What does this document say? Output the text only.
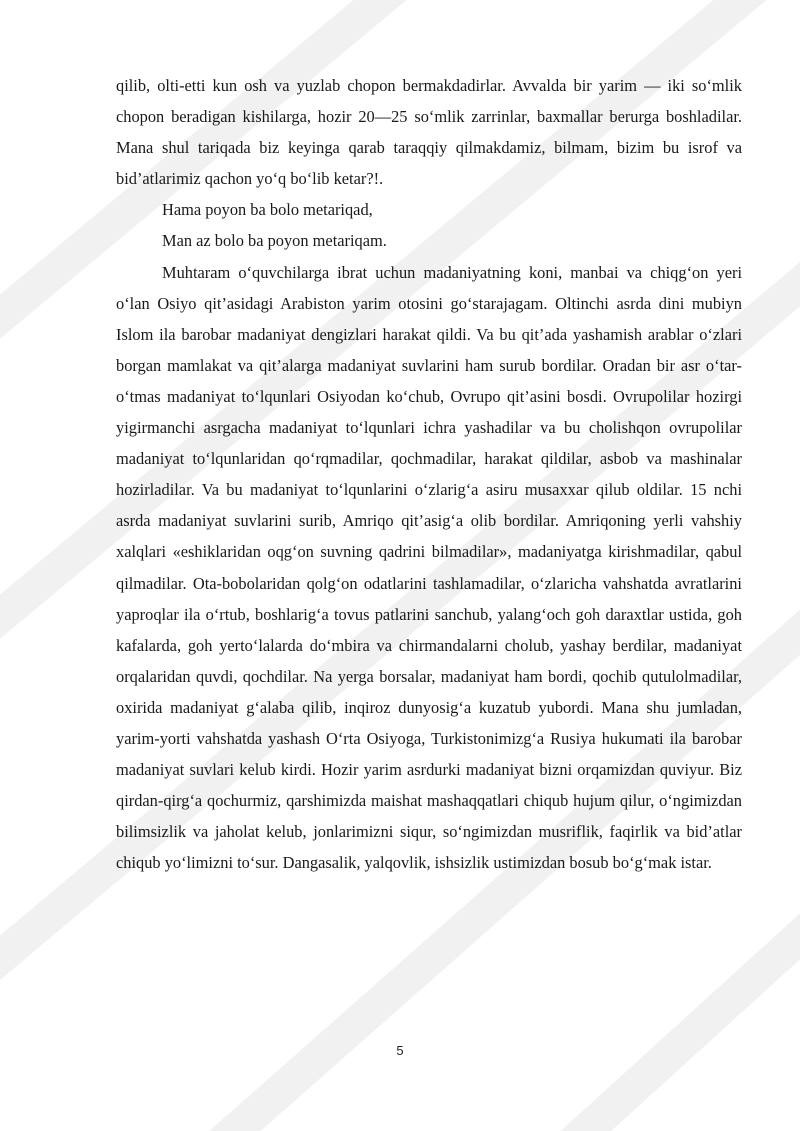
qilib, olti-etti kun osh va yuzlab chopon bermakdadirlar. Avvalda bir yarim — iki so‘mlik chopon beradigan kishilarga, hozir 20—25 so‘mlik zarrinlar, baxmallar berurga boshladilar. Mana shul tariqada biz keyinga qarab taraqqiy qilmakdamiz, bilmam, bizim bu isrof va bid’atlarimiz qachon yo‘q bo‘lib ketar?!.

Hama poyon ba bolo metariqad,

Man az bolo ba poyon metariqam.

Muhtaram o‘quvchilarga ibrat uchun madaniyatning koni, manbai va chiqg‘on yeri o‘lan Osiyo qit’asidagi Arabiston yarim otosini go‘starajagam. Oltinchi asrda dini mubiyn Islom ila barobar madaniyat dengizlari harakat qildi. Va bu qit’ada yashamish arablar o‘zlari borgan mamlakat va qit’alarga madaniyat suvlarini ham surub bordilar. Oradan bir asr o‘tar-o‘tmas madaniyat to‘lqunlari Osiyodan ko‘chub, Ovrupo qit’asini bosdi. Ovrupolilar hozirgi yigirmanchi asrgacha madaniyat to‘lqunlari ichra yashadilar va bu cholishqon ovrupolilar madaniyat to‘lqunlaridan qo‘rqmadilar, qochmadilar, harakat qildilar, asbob va mashinalar hozirladilar. Va bu madaniyat to‘lqunlarini o‘zlarig‘a asiru musaxxar qilub oldilar. 15 nchi asrda madaniyat suvlarini surib, Amriqo qit’asig‘a olib bordilar. Amriqoning yerli vahshiy xalqlari «eshiklaridan oqg‘on suvning qadrini bilmadilar», madaniyatga kirishmadilar, qabul qilmadilar. Ota-bobolaridan qolg‘on odatlarini tashlamadilar, o‘zlaricha vahshatda avratlarini yaproqlar ila o‘rtub, boshlarig‘a tovus patlarini sanchub, yalang‘och goh daraxtlar ustida, goh kafalarda, goh yerto‘lalarda do‘mbira va chirmandalarni cholub, yashay berdilar, madaniyat orqalaridan quvdi, qochdilar. Na yerga borsalar, madaniyat ham bordi, qochib qutulolmadilar, oxirida madaniyat g‘alaba qilib, inqiroz dunyosig‘a kuzatub yubordi. Mana shu jumladan, yarim-yorti vahshatda yashash O‘rta Osiyoga, Turkistonimizg‘a Rusiya hukumati ila barobar madaniyat suvlari kelub kirdi. Hozir yarim asrdurki madaniyat bizni orqamizdan quviyur. Biz qirdan-qirg‘a qochurmiz, qarshimizda maishat mashaqqatlari chiqub hujum qilur, o‘ngimizdan bilimsizlik va jaholat kelub, jonlarimizni siqur, so‘ngimizdan musriflik, faqirlik va bid’atlar chiqub yo‘limizni to‘sur. Dangasalik, yalqovlik, ishsizlik ustimizdan bosub bo‘g‘mak istar.

5
